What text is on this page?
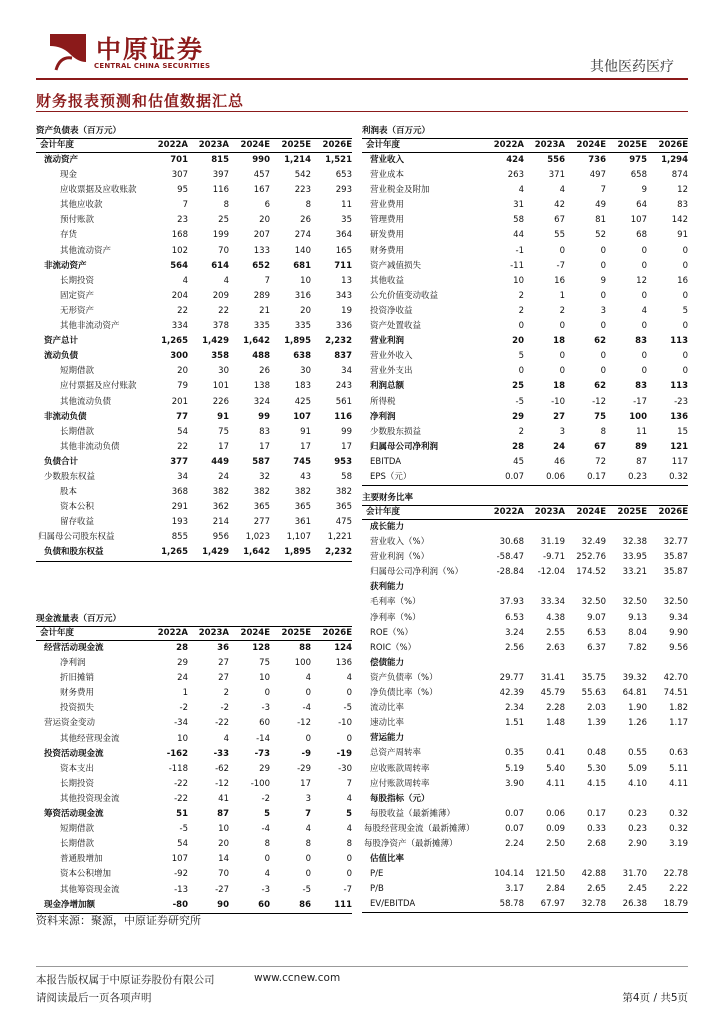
中原证券
CENTRAL CHINA SECURITIES	其他医药医疗
财务报表预测和估值数据汇总
资产负债表（百万元）
会计年度	2022A	2023A	2024E	2025E	2026E
流动资产	701	815	990	1,214	1,521
现金	307	397	457	542	653
应收票据及应收账款	95	116	167	223	293
其他应收款	7	8	6	8	11
预付账款	23	25	20	26	35
存货	168	199	207	274	364
其他流动资产	102	70	133	140	165
非流动资产	564	614	652	681	711
长期投资	4	4	7	10	13
固定资产	204	209	289	316	343
无形资产	22	22	21	20	19
其他非流动资产	334	378	335	335	336
资产总计	1,265	1,429	1,642	1,895	2,232
流动负债	300	358	488	638	837
短期借款	20	30	26	30	34
应付票据及应付账款	79	101	138	183	243
其他流动负债	201	226	324	425	561
非流动负债	77	91	99	107	116
长期借款	54	75	83	91	99
其他非流动负债	22	17	17	17	17
负债合计	377	449	587	745	953
少数股东权益	34	24	32	43	58
股本	368	382	382	382	382
资本公积	291	362	365	365	365
留存收益	193	214	277	361	475
归属母公司股东权益	855	956	1,023	1,107	1,221
负债和股东权益	1,265	1,429	1,642	1,895	2,232
现金流量表（百万元）
会计年度	2022A	2023A	2024E	2025E	2026E
经营活动现金流	28	36	128	88	124
净利润	29	27	75	100	136
折旧摊销	24	27	10	4	4
财务费用	1	2	0	0	0
投资损失	-2	-2	-3	-4	-5
营运资金变动	-34	-22	60	-12	-10
其他经营现金流	10	4	-14	0	0
投资活动现金流	-162	-33	-73	-9	-19
资本支出	-118	-62	29	-29	-30
长期投资	-22	-12	-100	17	7
其他投资现金流	-22	41	-2	3	4
筹资活动现金流	51	87	5	7	5
短期借款	-5	10	-4	4	4
长期借款	54	20	8	8	8
普通股增加	107	14	0	0	0
资本公积增加	-92	70	4	0	0
其他筹资现金流	-13	-27	-3	-5	-7
现金净增加额	-80	90	60	86	111
利润表（百万元）
会计年度	2022A	2023A	2024E	2025E	2026E
营业收入	424	556	736	975	1,294
营业成本	263	371	497	658	874
营业税金及附加	4	4	7	9	12
营业费用	31	42	49	64	83
管理费用	58	67	81	107	142
研发费用	44	55	52	68	91
财务费用	-1	0	0	0	0
资产减值损失	-11	-7	0	0	0
其他收益	10	16	9	12	16
公允价值变动收益	2	1	0	0	0
投资净收益	2	2	3	4	5
资产处置收益	0	0	0	0	0
营业利润	20	18	62	83	113
营业外收入	5	0	0	0	0
营业外支出	0	0	0	0	0
利润总额	25	18	62	83	113
所得税	-5	-10	-12	-17	-23
净利润	29	27	75	100	136
少数股东损益	2	3	8	11	15
归属母公司净利润	28	24	67	89	121
EBITDA	45	46	72	87	117
EPS（元）	0.07	0.06	0.17	0.23	0.32
主要财务比率
会计年度	2022A	2023A	2024E	2025E	2026E
成长能力
营业收入（%）	30.68	31.19	32.49	32.38	32.77
营业利润（%）	-58.47	-9.71	252.76	33.95	35.87
归属母公司净利润（%）	-28.84	-12.04	174.52	33.21	35.87
获利能力
毛利率（%）	37.93	33.34	32.50	32.50	32.50
净利率（%）	6.53	4.38	9.07	9.13	9.34
ROE（%）	3.24	2.55	6.53	8.04	9.90
ROIC（%）	2.56	2.63	6.37	7.82	9.56
偿债能力
资产负债率（%）	29.77	31.41	35.75	39.32	42.70
净负债比率（%）	42.39	45.79	55.63	64.81	74.51
流动比率	2.34	2.28	2.03	1.90	1.82
速动比率	1.51	1.48	1.39	1.26	1.17
营运能力
总资产周转率	0.35	0.41	0.48	0.55	0.63
应收账款周转率	5.19	5.40	5.30	5.09	5.11
应付账款周转率	3.90	4.11	4.15	4.10	4.11
每股指标（元）
每股收益（最新摊薄）	0.07	0.06	0.17	0.23	0.32
每股经营现金流（最新摊薄）	0.07	0.09	0.33	0.23	0.32
每股净资产（最新摊薄）	2.24	2.50	2.68	2.90	3.19
估值比率
P/E	104.14	121.50	42.88	31.70	22.78
P/B	3.17	2.84	2.65	2.45	2.22
EV/EBITDA	58.78	67.97	32.78	26.38	18.79
资料来源：聚源，中原证券研究所
本报告版权属于中原证券股份有限公司	www.ccnew.com
请阅读最后一页各项声明	第4页 / 共5页
